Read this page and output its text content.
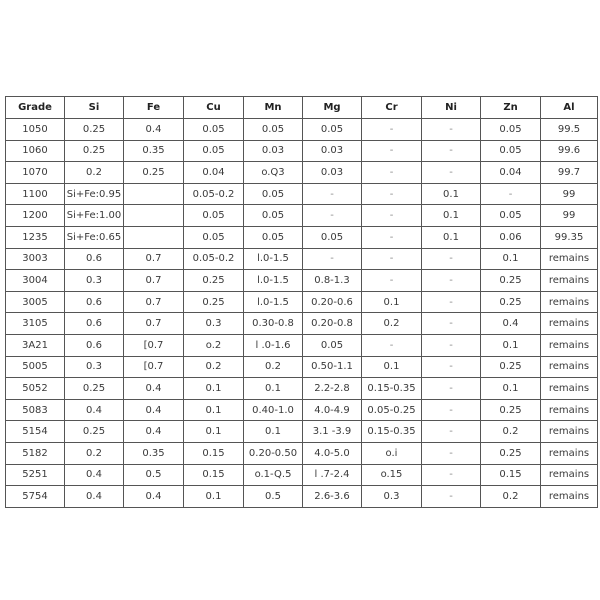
Grade	Si	Fe	Cu	Mn	Mg	Cr	Ni	Zn	Al
1050	0.25	0.4	0.05	0.05	0.05	-	-	0.05	99.5
1060	0.25	0.35	0.05	0.03	0.03	-	-	0.05	99.6
1070	0.2	0.25	0.04	o.Q3	0.03	-	-	0.04	99.7
1100	Si+Fe:0.95		0.05-0.2	0.05	-	-	0.1	-	99
1200	Si+Fe:1.00		0.05	0.05	-	-	0.1	0.05	99
1235	Si+Fe:0.65		0.05	0.05	0.05	-	0.1	0.06	99.35
3003	0.6	0.7	0.05-0.2	l.0-1.5	-	-	-	0.1	remains
3004	0.3	0.7	0.25	l.0-1.5	0.8-1.3	-	-	0.25	remains
3005	0.6	0.7	0.25	l.0-1.5	0.20-0.6	0.1	-	0.25	remains
3105	0.6	0.7	0.3	0.30-0.8	0.20-0.8	0.2	-	0.4	remains
3A21	0.6	[0.7	o.2	l .0-1.6	0.05	-	-	0.1	remains
5005	0.3	[0.7	0.2	0.2	0.50-1.1	0.1	-	0.25	remains
5052	0.25	0.4	0.1	0.1	2.2-2.8	0.15-0.35	-	0.1	remains
5083	0.4	0.4	0.1	0.40-1.0	4.0-4.9	0.05-0.25	-	0.25	remains
5154	0.25	0.4	0.1	0.1	3.1 -3.9	0.15-0.35	-	0.2	remains
5182	0.2	0.35	0.15	0.20-0.50	4.0-5.0	o.i	-	0.25	remains
5251	0.4	0.5	0.15	o.1-Q.5	l .7-2.4	o.15	-	0.15	remains
5754	0.4	0.4	0.1	0.5	2.6-3.6	0.3	-	0.2	remains
